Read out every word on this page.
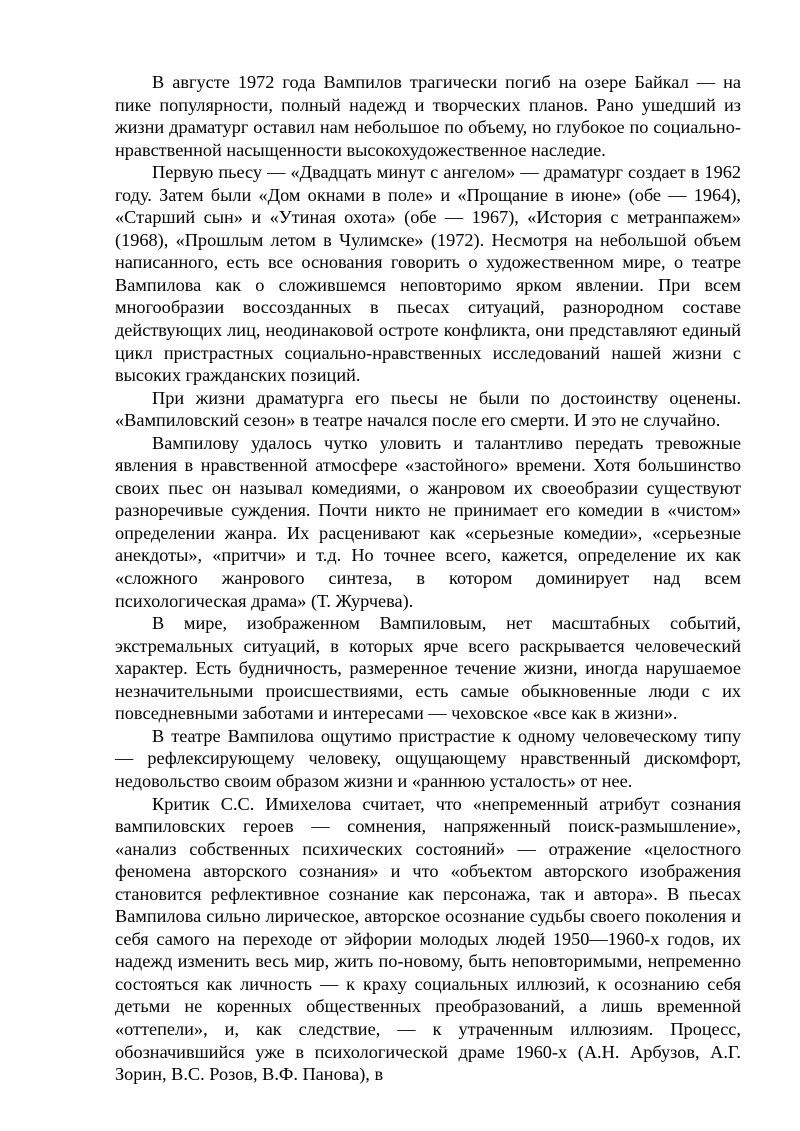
В августе 1972 года Вампилов трагически погиб на озере Байкал — на пике популярности, полный надежд и творческих планов. Рано ушедший из жизни драматург оставил нам небольшое по объему, но глубокое по социально-нравственной насыщенности высокохудожественное наследие.

Первую пьесу — «Двадцать минут с ангелом» — драматург создает в 1962 году. Затем были «Дом окнами в поле» и «Прощание в июне» (обе — 1964), «Старший сын» и «Утиная охота» (обе — 1967), «История с метранпажем» (1968), «Прошлым летом в Чулимске» (1972). Несмотря на небольшой объем написанного, есть все основания говорить о художественном мире, о театре Вампилова как о сложившемся неповторимо ярком явлении. При всем многообразии воссозданных в пьесах ситуаций, разнородном составе действующих лиц, неодинаковой остроте конфликта, они представляют единый цикл пристрастных социально-нравственных исследований нашей жизни с высоких гражданских позиций.

При жизни драматурга его пьесы не были по достоинству оценены. «Вампиловский сезон» в театре начался после его смерти. И это не случайно.

Вампилову удалось чутко уловить и талантливо передать тревожные явления в нравственной атмосфере «застойного» времени. Хотя большинство своих пьес он называл комедиями, о жанровом их своеобразии существуют разноречивые суждения. Почти никто не принимает его комедии в «чистом» определении жанра. Их расценивают как «серьезные комедии», «серьезные анекдоты», «притчи» и т.д. Но точнее всего, кажется, определение их как «сложного жанрового синтеза, в котором доминирует над всем психологическая драма» (Т. Журчева).

В мире, изображенном Вампиловым, нет масштабных событий, экстремальных ситуаций, в которых ярче всего раскрывается человеческий характер. Есть будничность, размеренное течение жизни, иногда нарушаемое незначительными происшествиями, есть самые обыкновенные люди с их повседневными заботами и интересами — чеховское «все как в жизни».

В театре Вампилова ощутимо пристрастие к одному человеческому типу — рефлексирующему человеку, ощущающему нравственный дискомфорт, недовольство своим образом жизни и «раннюю усталость» от нее.

Критик С.С. Имихелова считает, что «непременный атрибут сознания вампиловских героев — сомнения, напряженный поиск-размышление», «анализ собственных психических состояний» — отражение «целостного феномена авторского сознания» и что «объектом авторского изображения становится рефлективное сознание как персонажа, так и автора». В пьесах Вампилова сильно лирическое, авторское осознание судьбы своего поколения и себя самого на переходе от эйфории молодых людей 1950—1960-х годов, их надежд изменить весь мир, жить по-новому, быть неповторимыми, непременно состояться как личность — к краху социальных иллюзий, к осознанию себя детьми не коренных общественных преобразований, а лишь временной «оттепели», и, как следствие, — к утраченным иллюзиям. Процесс, обозначившийся уже в психологической драме 1960-х (А.Н. Арбузов, А.Г. Зорин, В.С. Розов, В.Ф. Панова), в
